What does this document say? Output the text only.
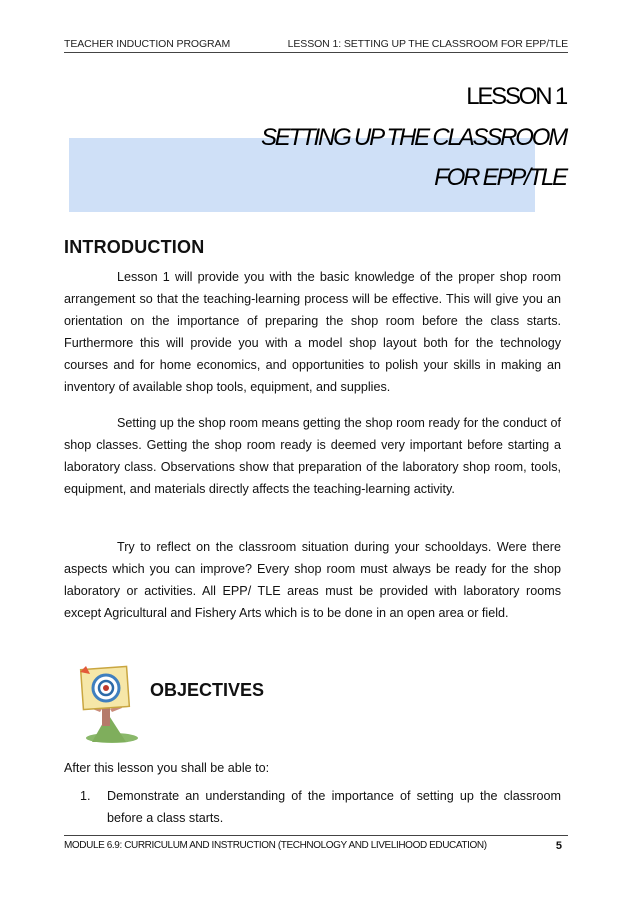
TEACHER INDUCTION PROGRAM	LESSON 1: SETTING UP THE CLASSROOM FOR EPP/TLE
LESSON 1
SETTING UP THE CLASSROOM
FOR EPP/TLE
INTRODUCTION

Lesson 1 will provide you with the basic knowledge of the proper shop room arrangement so that the teaching-learning process will be effective. This will give you an orientation on the importance of preparing the shop room before the class starts. Furthermore this will provide you with a model shop layout both for the technology courses and for home economics, and opportunities to polish your skills in making an inventory of available shop tools, equipment, and supplies.

Setting up the shop room means getting the shop room ready for the conduct of shop classes. Getting the shop room ready is deemed very important before starting a laboratory class. Observations show that preparation of the laboratory shop room, tools, equipment, and materials directly affects the teaching-learning activity.

Try to reflect on the classroom situation during your schooldays. Were there aspects which you can improve? Every shop room must always be ready for the shop laboratory or activities. All EPP/ TLE areas must be provided with laboratory rooms except Agricultural and Fishery Arts which is to be done in an open area or field.

OBJECTIVES
After this lesson you shall be able to:
1.	Demonstrate an understanding of the importance of setting up the classroom before a class starts.
MODULE 6.9: CURRICULUM AND INSTRUCTION (TECHNOLOGY AND LIVELIHOOD EDUCATION)	5
